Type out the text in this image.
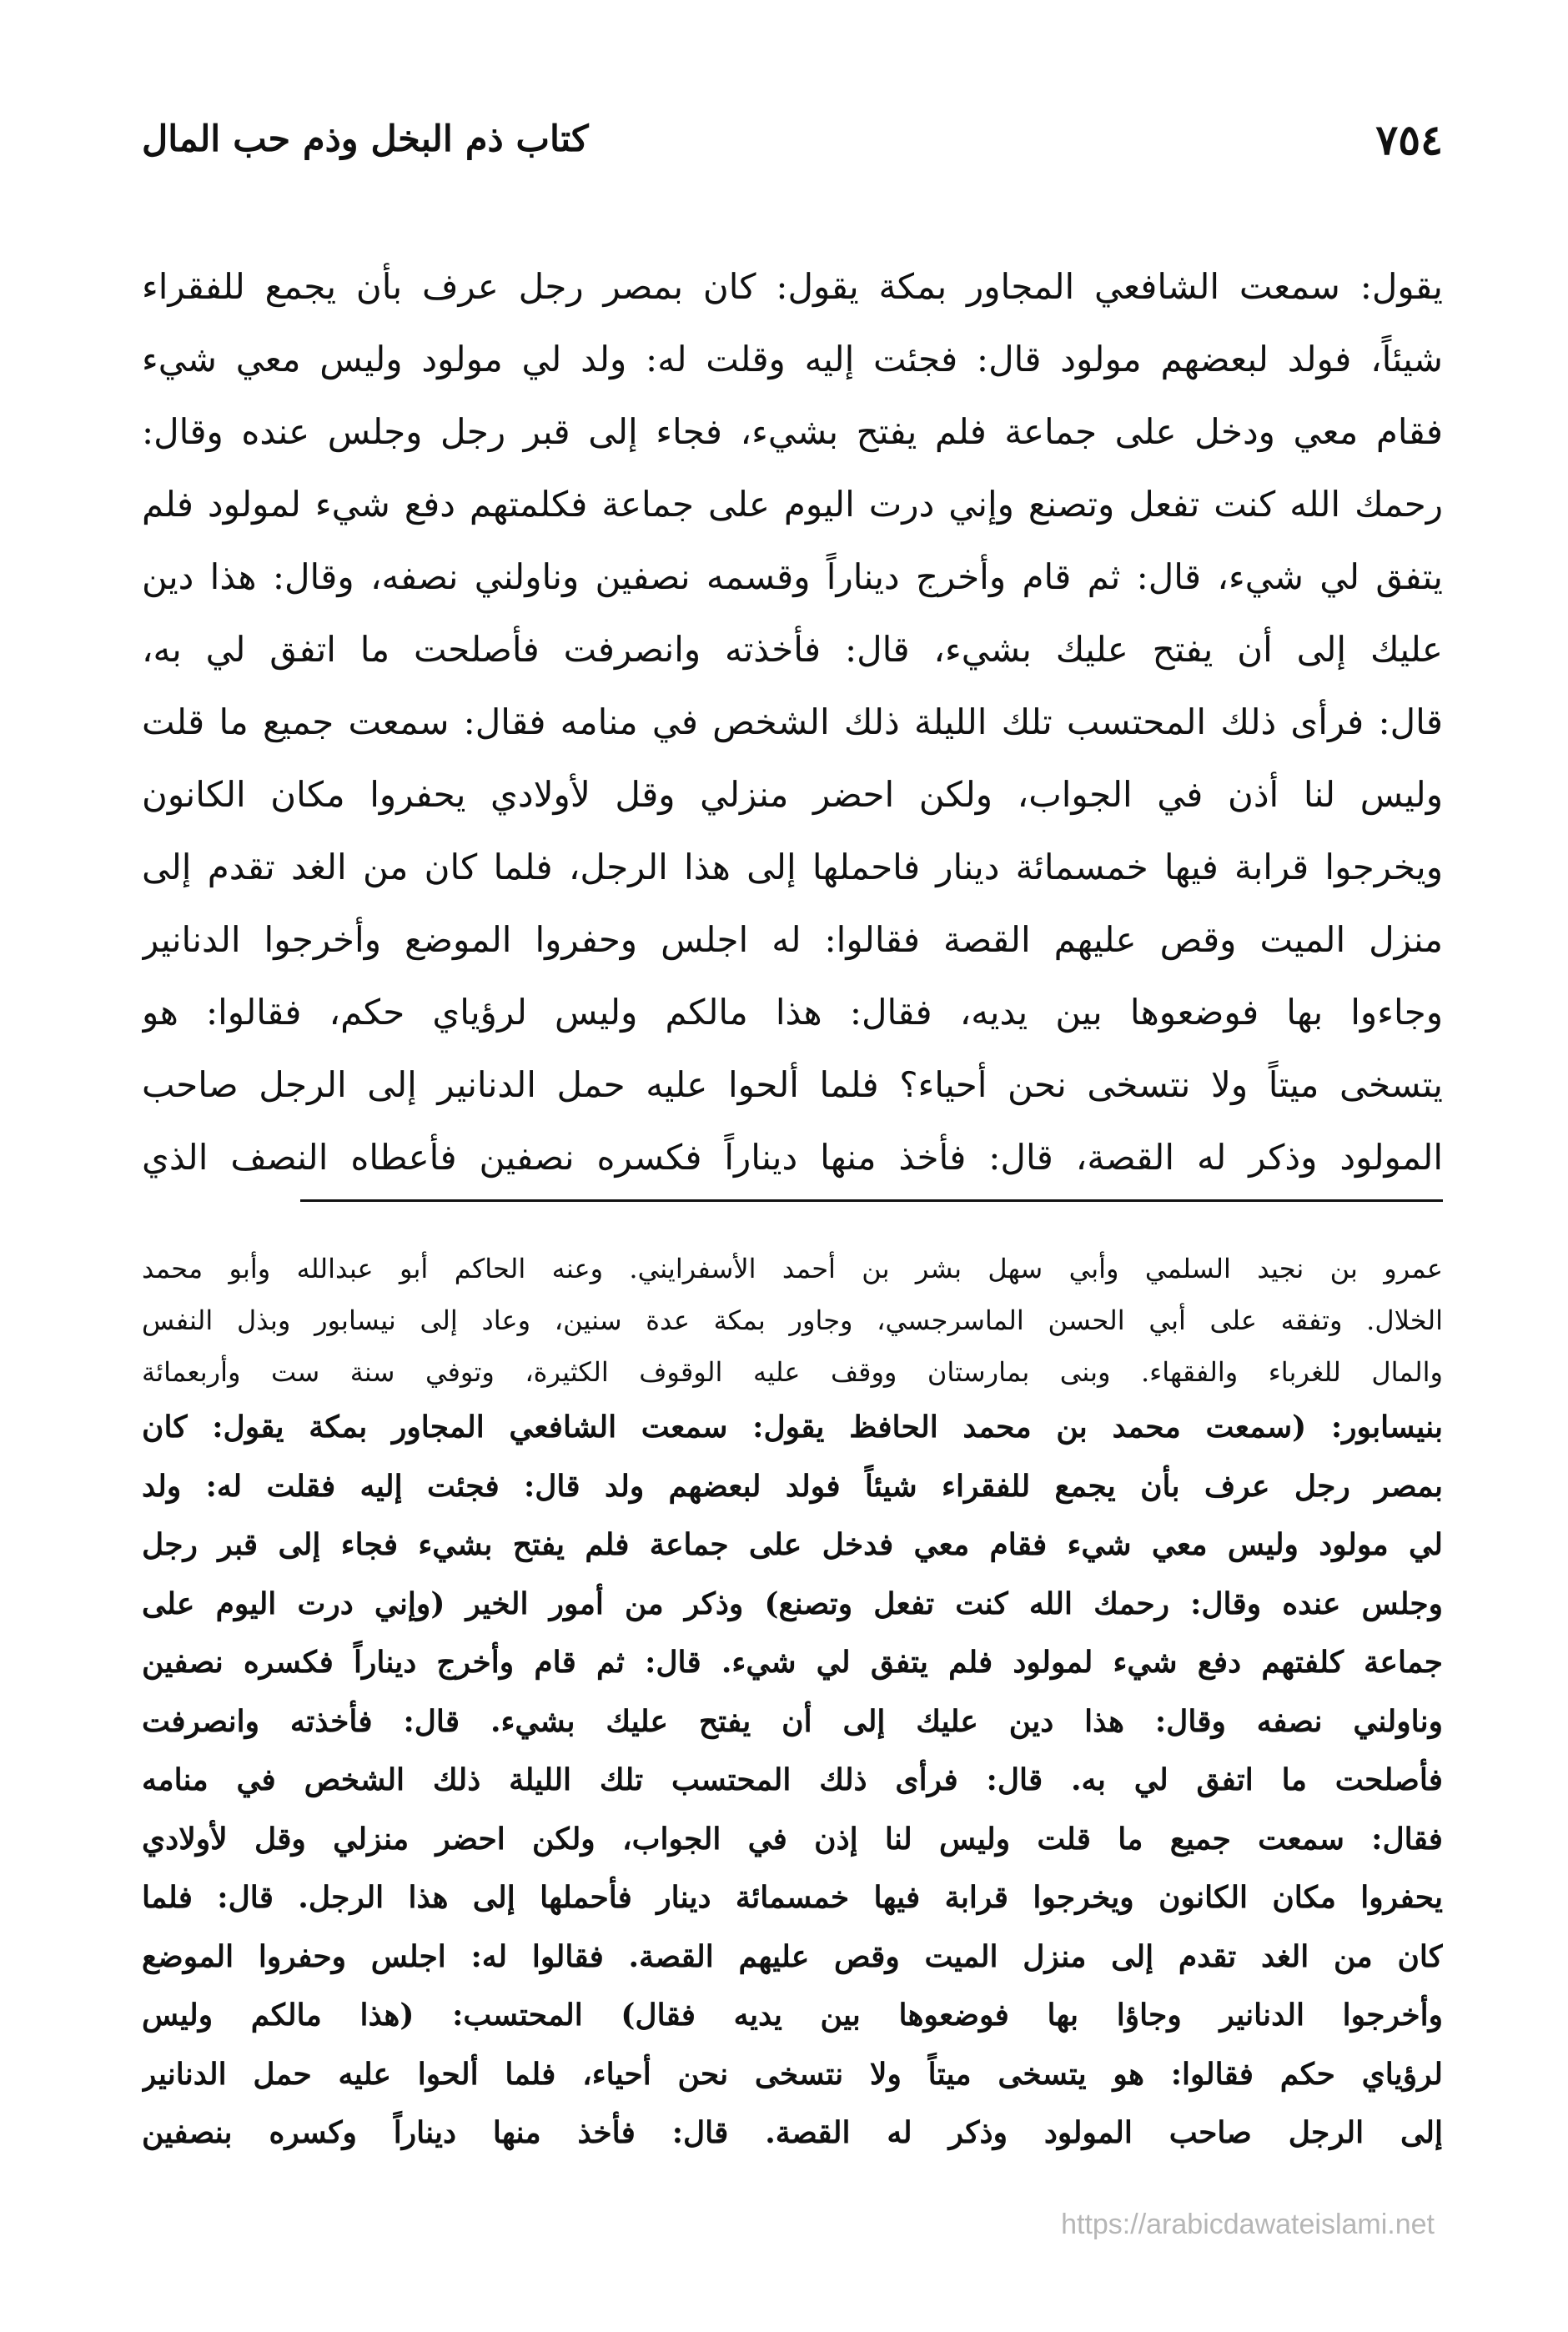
٧٥٤
كتاب ذم البخل وذم حب المال
يقول: سمعت الشافعي المجاور بمكة يقول: كان بمصر رجل عرف بأن يجمع للفقراء
شيئاً، فولد لبعضهم مولود قال: فجئت إليه وقلت له: ولد لي مولود وليس معي شيء
فقام معي ودخل على جماعة فلم يفتح بشيء، فجاء إلى قبر رجل وجلس عنده وقال:
رحمك الله كنت تفعل وتصنع وإني درت اليوم على جماعة فكلمتهم دفع شيء لمولود فلم
يتفق لي شيء، قال: ثم قام وأخرج ديناراً وقسمه نصفين وناولني نصفه، وقال: هذا دين
عليك إلى أن يفتح عليك بشيء، قال: فأخذته وانصرفت فأصلحت ما اتفق لي به،
قال: فرأى ذلك المحتسب تلك الليلة ذلك الشخص في منامه فقال: سمعت جميع ما قلت
وليس لنا أذن في الجواب، ولكن احضر منزلي وقل لأولادي يحفروا مكان الكانون
ويخرجوا قرابة فيها خمسمائة دينار فاحملها إلى هذا الرجل، فلما كان من الغد تقدم إلى
منزل الميت وقص عليهم القصة فقالوا: له اجلس وحفروا الموضع وأخرجوا الدنانير
وجاءوا بها فوضعوها بين يديه، فقال: هذا مالكم وليس لرؤياي حكم، فقالوا: هو
يتسخى ميتاً ولا نتسخى نحن أحياء؟ فلما ألحوا عليه حمل الدنانير إلى الرجل صاحب
المولود وذكر له القصة، قال: فأخذ منها ديناراً فكسره نصفين فأعطاه النصف الذي
عمرو بن نجيد السلمي وأبي سهل بشر بن أحمد الأسفرايني. وعنه الحاكم أبو عبدالله وأبو محمد
الخلال. وتفقه على أبي الحسن الماسرجسي، وجاور بمكة عدة سنين، وعاد إلى نيسابور وبذل النفس
والمال للغرباء والفقهاء. وبنى بمارستان ووقف عليه الوقوف الكثيرة، وتوفي سنة ست وأربعمائة
بنيسابور: (سمعت محمد بن محمد الحافظ يقول: سمعت الشافعي المجاور بمكة يقول: كان
بمصر رجل عرف بأن يجمع للفقراء شيئاً فولد لبعضهم ولد قال: فجئت إليه فقلت له: ولد
لي مولود وليس معي شيء فقام معي فدخل على جماعة فلم يفتح بشيء فجاء إلى قبر رجل
وجلس عنده وقال: رحمك الله كنت تفعل وتصنع) وذكر من أمور الخير (وإني درت اليوم على
جماعة كلفتهم دفع شيء لمولود فلم يتفق لي شيء. قال: ثم قام وأخرج ديناراً فكسره نصفين
وناولني نصفه وقال: هذا دين عليك إلى أن يفتح عليك بشيء. قال: فأخذته وانصرفت
فأصلحت ما اتفق لي به. قال: فرأى ذلك المحتسب تلك الليلة ذلك الشخص في منامه
فقال: سمعت جميع ما قلت وليس لنا إذن في الجواب، ولكن احضر منزلي وقل لأولادي
يحفروا مكان الكانون ويخرجوا قرابة فيها خمسمائة دينار فأحملها إلى هذا الرجل. قال: فلما
كان من الغد تقدم إلى منزل الميت وقص عليهم القصة. فقالوا له: اجلس وحفروا الموضع
وأخرجوا الدنانير وجاؤا بها فوضعوها بين يديه فقال) المحتسب: (هذا مالكم وليس
لرؤياي حكم فقالوا: هو يتسخى ميتاً ولا نتسخى نحن أحياء، فلما ألحوا عليه حمل الدنانير
إلى الرجل صاحب المولود وذكر له القصة. قال: فأخذ منها ديناراً وكسره بنصفين
https://arabicdawateislami.net
